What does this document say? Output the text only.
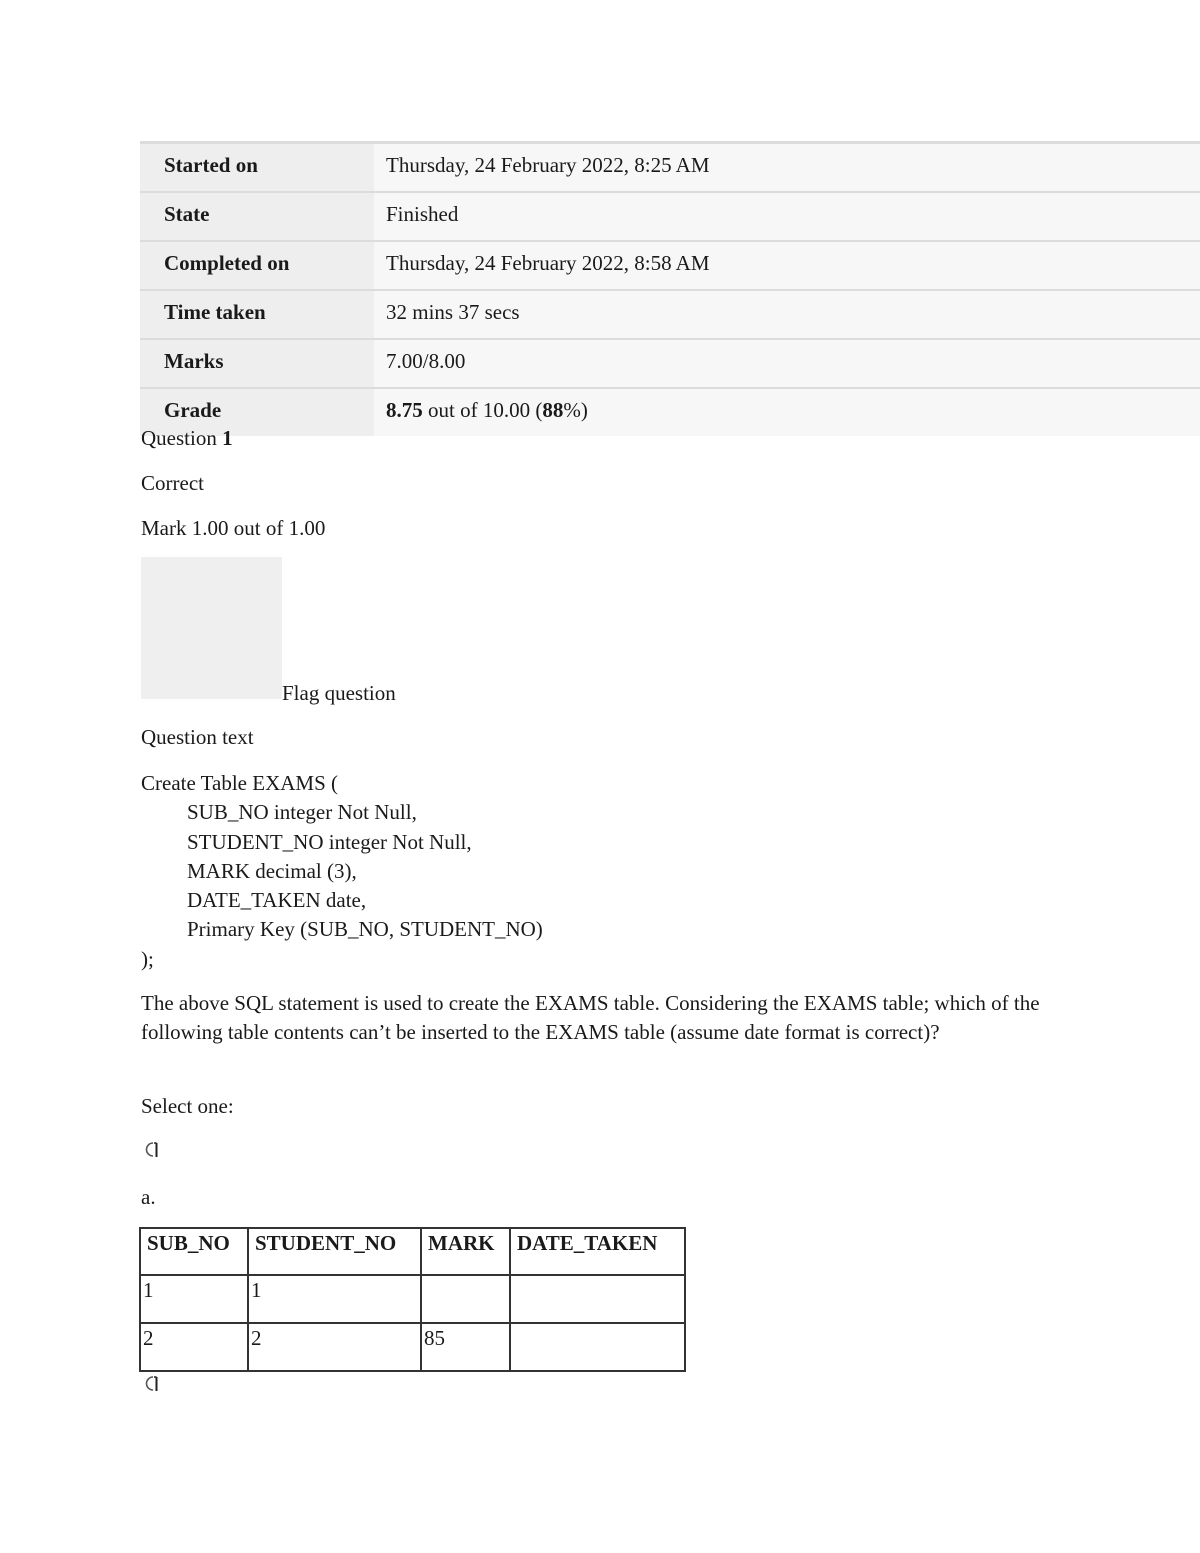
Started on	Thursday, 24 February 2022, 8:25 AM
State	Finished
Completed on	Thursday, 24 February 2022, 8:58 AM
Time taken	32 mins 37 secs
Marks	7.00/8.00
Grade	8.75 out of 10.00 (88%)
Question 1
Correct
Mark 1.00 out of 1.00
Flag question
Question text
Create Table EXAMS (
SUB_NO integer Not Null,
STUDENT_NO integer Not Null,
MARK decimal (3),
DATE_TAKEN date,
Primary Key (SUB_NO, STUDENT_NO)
);
The above SQL statement is used to create the EXAMS table. Considering the EXAMS table; which of the following table contents can’t be inserted to the EXAMS table (assume date format is correct)?
Select one:
a.
SUB_NO	STUDENT_NO	MARK	DATE_TAKEN
1	1		
2	2	85	
